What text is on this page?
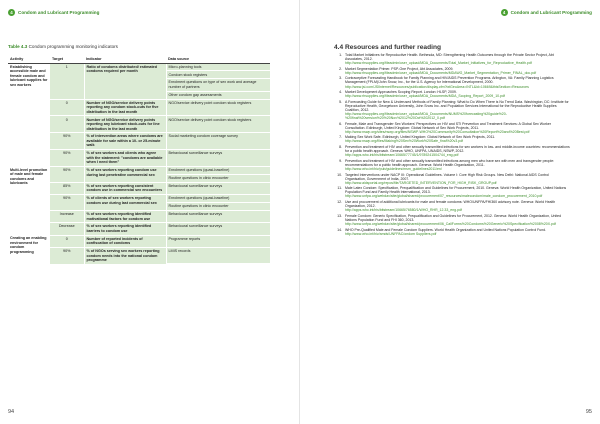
4	Condom and Lubricant Programming
Table 4.3 Condom programming monitoring indicators
Activity	Target	Indicator	Data source
Establishing accessible male and female condom and lubricant supplies for sex workers	1	Ratio of condoms distributed/ estimated condoms required per month	Micro-planning tools
			Condom stock registers
			Enrolment questions on type of sex work and average number of partners
			Other condom gap assessments
	0	Number of NGO/service delivery points reporting any condom stock-outs for five distribution in the last month	NGO/service delivery point condom stock registers
	0	Number of NGO/service delivery points reporting any lubricant stock-outs for line distribution in the last month	NGO/service delivery point condom stock registers
	90%	% of intervention areas where condoms are available for sale within a 10- or 25-minute walk	Social marketing condom coverage survey
	90%	% of sex workers and clients who agree with the statement: "condoms are available when I need them"	Behavioural surveillance surveys
Multi-level promotion of male and female condoms and lubricants	90%	% of sex workers reporting condom use during last penetrative commercial sex	Enrolment questions (quasi-baseline)
			Routine questions in clinic encounter
	85%	% of sex workers reporting consistent condom use in commercial sex encounters	Behavioural surveillance surveys
	90%	% of clients of sex workers reporting condom use during last commercial sex	Enrolment questions (quasi-baseline)
			Routine questions in clinic encounter
	Increase	% of sex workers reporting identified motivational factors for condom use	Behavioural surveillance surveys
	Decrease	% of sex workers reporting identified barriers to condom use	Behavioural surveillance surveys
Creating an enabling environment for condom programming	0	Number of reported incidents of confiscation of condoms	Programme reports
	90%	% of NGOs serving sex workers reporting condom needs into the national condom programme	LMIS records
94
4	Condom and Lubricant Programming
95
4.4 Resources and further reading
1. Total Market Initiatives for Reproductive Health. Bethesda, MD: Strengthening Health Outcomes through the Private Sector Project, Abt Associates, 2012.
http://www.rhsupplies.org/fileadmin/user_upload/MDA_Documents/Total_Market_Initiatives_for_Reproductive_Health.pdf
2. Market Segmentation Primer. PSP-One Project, Abt Associates, 2009.
http://www.rhsupplies.org/fileadmin/user_upload/MDA_Documents/MDAWG_Market_Segmentation_Primer_FINAL_doc.pdf
3. Contraceptive Forecasting Handbook for Family Planning and HIV/AIDS Prevention Programs. Arlington, VA: Family Planning Logistics Management (FPLM)/John Snow, Inc., for the U.S. Agency for International Development, 2000.
http://www.jsi.com/JSIInternet/Resources/publication/display.cfm?txtGeoArea=INTL&id=10669&thisSection=Resources
4. Market Development Approaches Scoping Report. London: HLSP, 2009.
http://www.rhsupplies.org/fileadmin/user_upload/MDA_Documents/MDA_Scoping_Report_2009_10.pdf
5. A Forecasting Guide for New & Underused Methods of Family Planning: What to Do When There is No Trend Data. Washington, DC: Institute for Reproductive Health, Georgetown University, John Snow Inc. and Population Services International for the Reproductive Health Supplies Coalition, 2012.
http://www.rhsupplies.org/fileadmin/user_upload/MDA_Documents/NUMS%20forecasting%20guide%20-%20final%20version%20%20Nov%2012%20Oct%202012_0.pdf
6. Female, Male and Transgender Sex Workers' Perspectives on HIV and STI Prevention and Treatment Services: A Global Sex Worker Consultation. Edinburgh, United Kingdom: Global Network of Sex Work Projects, 2011.
http://www.nswp.org/sites/nswp.org/files/NSWP-WHO%20Community%20Consultation%20Report%20and%20Best.pdf
7. Making Sex Work Safe. Edinburgh, United Kingdom: Global Network of Sex Work Projects, 2011.
http://www.nswp.org/files/Making%20Sex%20Work%20Safe_final%20v3.pdf
8. Prevention and treatment of HIV and other sexually transmitted infections for sex workers in low- and middle-income countries: recommendations for a public health approach. Geneva: WHO, UNFPA, UNAIDS, NSWP, 2012.
http://apps.who.int/iris/bitstream/10665/77745/1/9789241504744_eng.pdf
9. Prevention and treatment of HIV and other sexually transmitted infections among men who have sex with men and transgender people: recommendations for a public health approach. Geneva: World Health Organization, 2011.
http://www.who.int/hiv/pub/guidelines/msm_guidelines2011/en/
10. Targeted Interventions under NACP III: Operational Guidelines. Volume I: Core High Risk Groups. New Delhi: National AIDS Control Organisation, Government of India, 2007.
http://www.aidsportal.org/repos/file/TARGETED_INTERVENTION_FOR_HIGH_RISK_GROUP.pdf
11. Male Latex Condom: Specification, Prequalification and Guidelines for Procurement, 2010. Geneva: World Health Organization, United Nations Population Fund and Family Health International, 2013.
http://www.unfpa.org/webdav/site/global/shared/procurement/07_resources/malecondom/male_condom_procurement_2010.pdf
12. Use and procurement of additional lubricants for male and female condoms: WHO/UNFPA/FHI360 advisory note. Geneva: World Health Organization, 2012.
http://apps.who.int/iris/bitstream/10665/76580/1/WHO_RHR_12.33_eng.pdf
13. Female Condom: Generic Specification, Prequalification and Guidelines for Procurement, 2012. Geneva: World Health Organization, United Nations Population Fund and FHI 360, 2013.
http://www.unfpa.org/webdav/site/global/shared/procurement/06_CallForms%20Condoms%20Generic%20Specification%2008%20X.pdf
14. WHO Pre-Qualified Male and Female Condom Suppliers. World Health Organization and United Nations Population Control Fund.
http://www.who.int/hiv/amds/UNFPAC/ondom Suppliers.pdf
